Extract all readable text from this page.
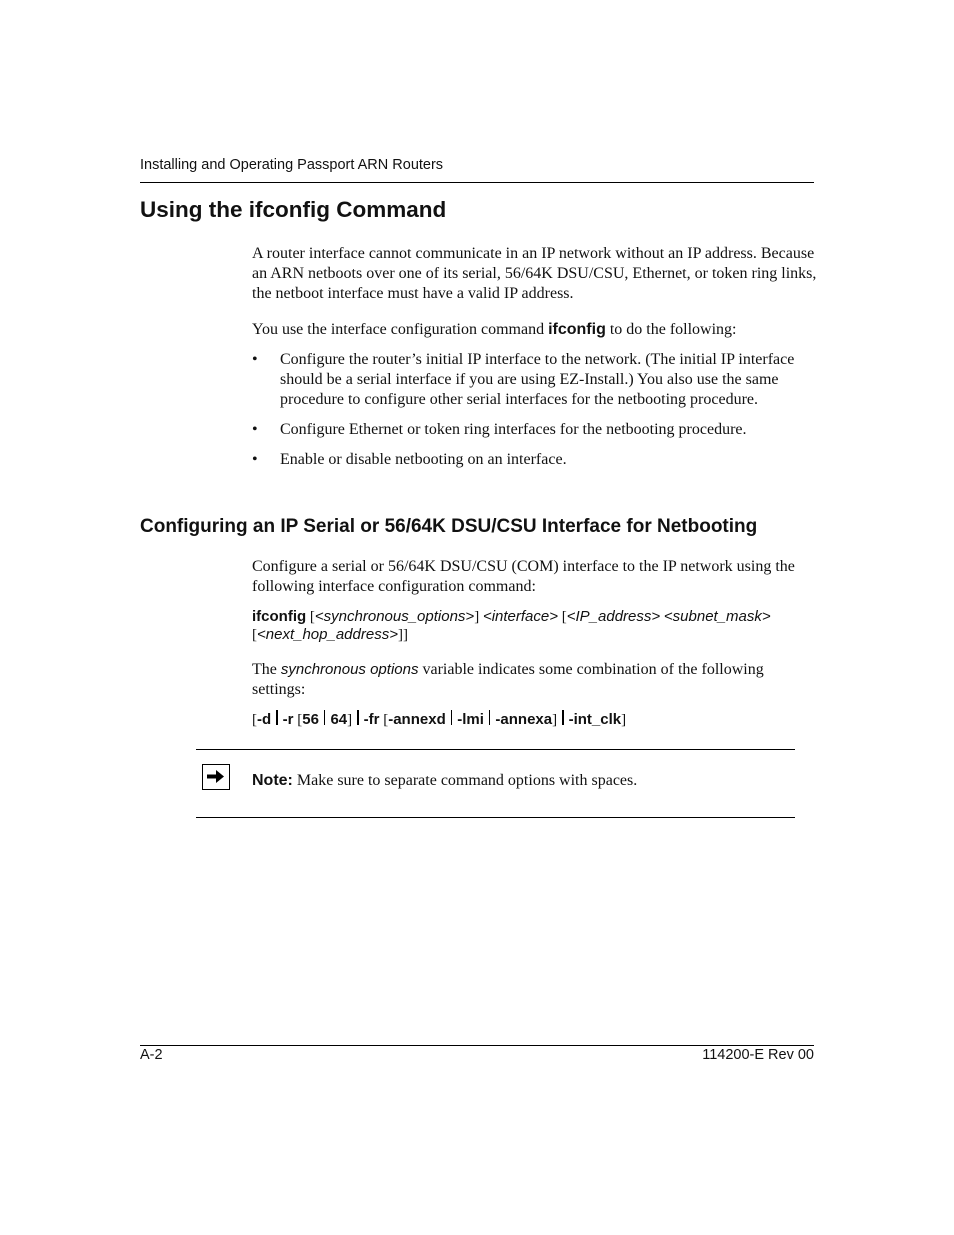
Installing and Operating Passport ARN Routers
Using the ifconfig Command

A router interface cannot communicate in an IP network without an IP address. Because an ARN netboots over one of its serial, 56/64K DSU/CSU, Ethernet, or token ring links, the netboot interface must have a valid IP address.

You use the interface configuration command ifconfig to do the following:

• Configure the router’s initial IP interface to the network. (The initial IP interface should be a serial interface if you are using EZ-Install.) You also use the same procedure to configure other serial interfaces for the netbooting procedure.
• Configure Ethernet or token ring interfaces for the netbooting procedure.
• Enable or disable netbooting on an interface.
Configuring an IP Serial or 56/64K DSU/CSU Interface for Netbooting

Configure a serial or 56/64K DSU/CSU (COM) interface to the IP network using the following interface configuration command:

ifconfig [<synchronous_options>] <interface> [<IP_address> <subnet_mask>
[<next_hop_address>]]

The synchronous options variable indicates some combination of the following settings:

[-d -r [56 64] -fr [-annexd -lmi -annexa] -int_clk]
Note: Make sure to separate command options with spaces.
A-2	114200-E Rev 00
